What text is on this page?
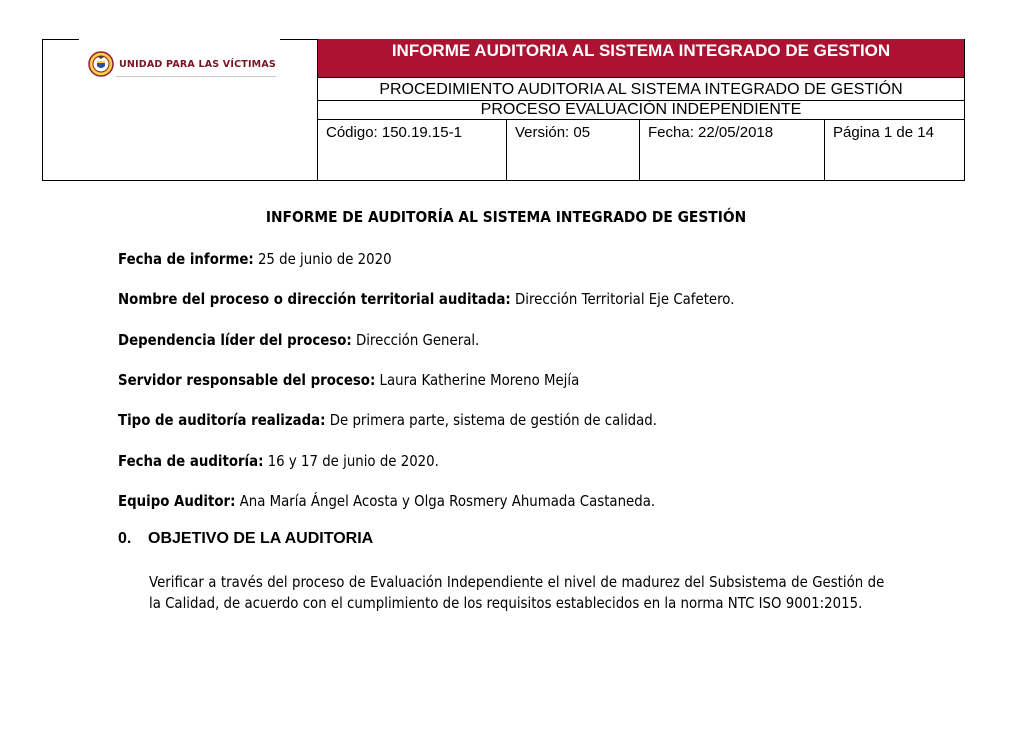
UNIDAD PARA LAS VÍCTIMAS
INFORME AUDITORIA AL SISTEMA INTEGRADO DE GESTION
PROCEDIMIENTO AUDITORIA AL SISTEMA INTEGRADO DE GESTIÓN
PROCESO EVALUACIÒN INDEPENDIENTE
Código: 150.19.15-1	Versión: 05	Fecha: 22/05/2018	Página 1 de 14
INFORME DE AUDITORÍA AL SISTEMA INTEGRADO DE GESTIÓN
Fecha de informe: 25 de junio de 2020
Nombre del proceso o dirección territorial auditada: Dirección Territorial Eje Cafetero.
Dependencia líder del proceso: Dirección General.
Servidor responsable del proceso: Laura Katherine Moreno Mejía
Tipo de auditoría realizada: De primera parte, sistema de gestión de calidad.
Fecha de auditoría: 16 y 17 de junio de 2020.
Equipo Auditor: Ana María Ángel Acosta y Olga Rosmery Ahumada Castaneda.
0. OBJETIVO DE LA AUDITORIA
Verificar a través del proceso de Evaluación Independiente el nivel de madurez del Subsistema de Gestión de la Calidad, de acuerdo con el cumplimiento de los requisitos establecidos en la norma NTC ISO 9001:2015.
